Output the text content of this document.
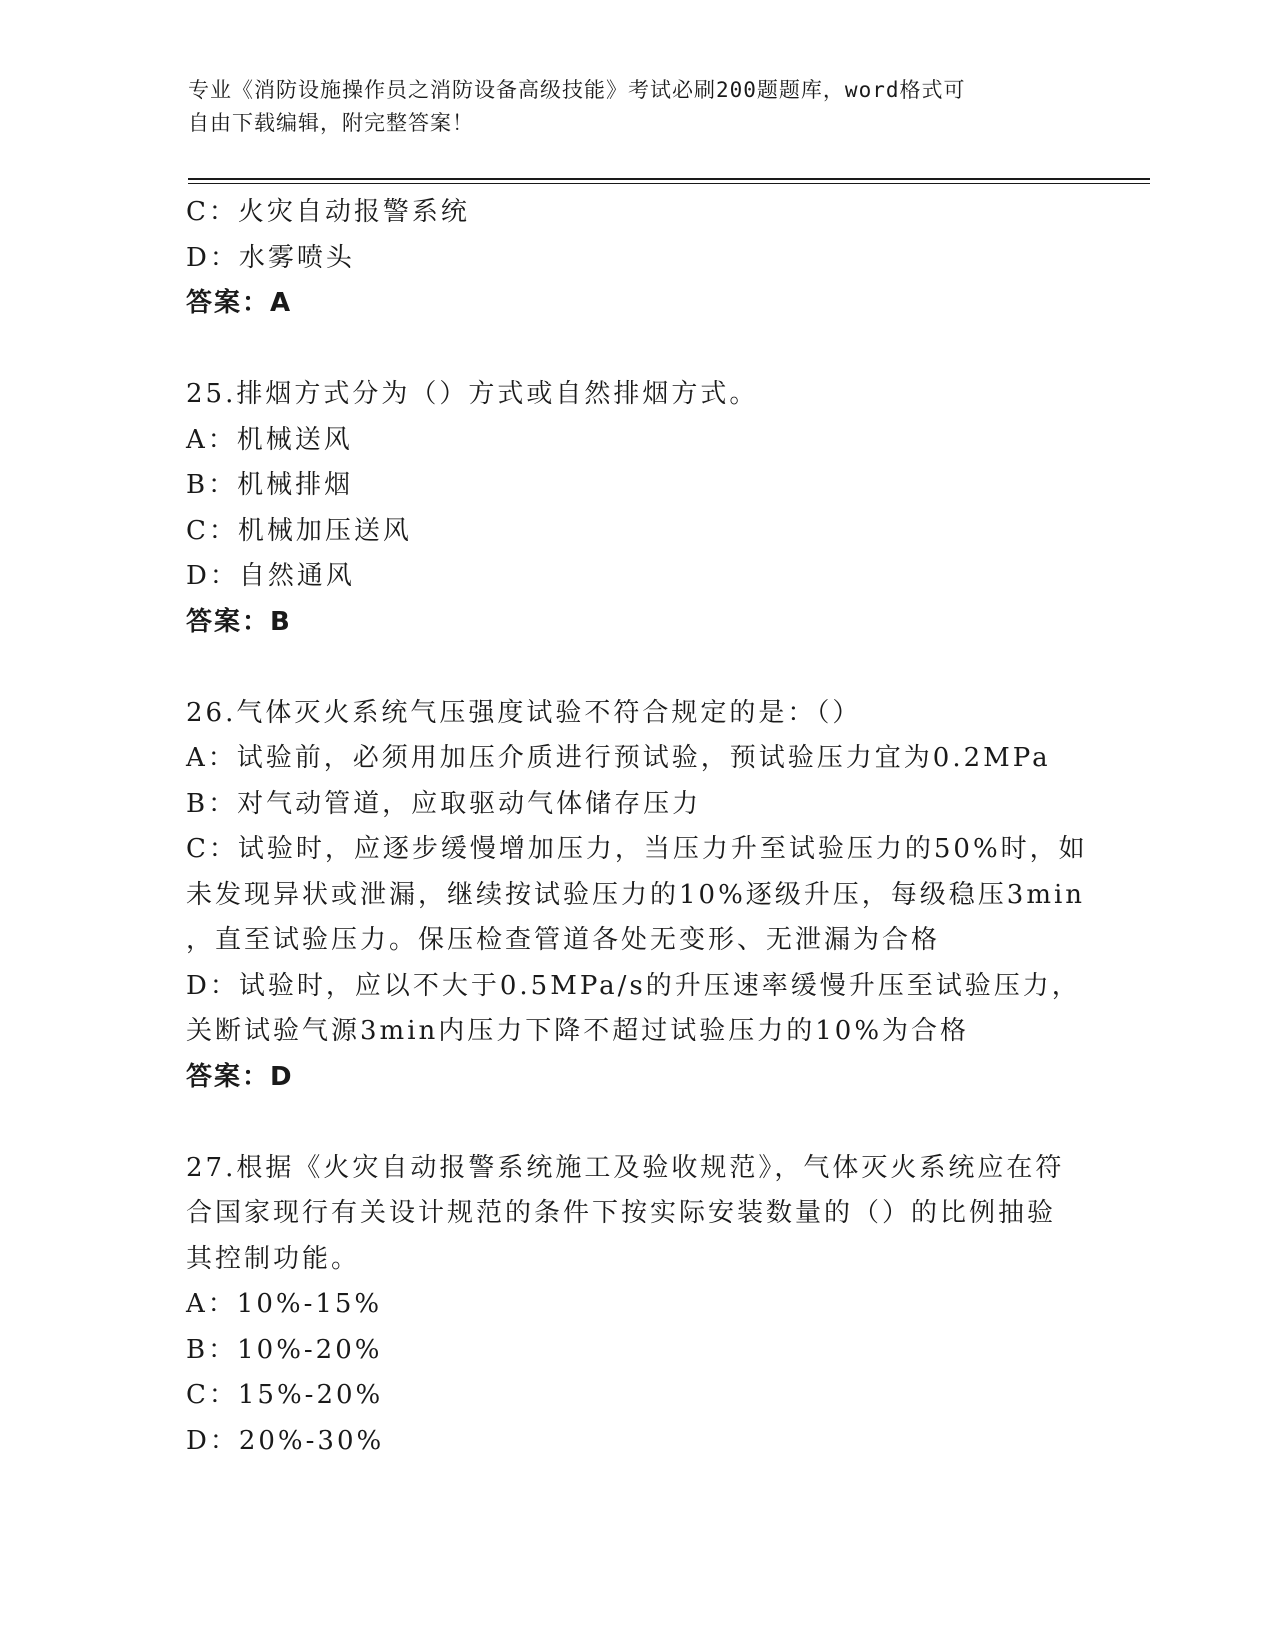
专业《消防设施操作员之消防设备高级技能》考试必刷200题题库，word格式可
自由下载编辑，附完整答案！
C：火灾自动报警系统
D：水雾喷头
答案：A
25.排烟方式分为（）方式或自然排烟方式。
A：机械送风
B：机械排烟
C：机械加压送风
D：自然通风
答案：B
26.气体灭火系统气压强度试验不符合规定的是：（）
A：试验前，必须用加压介质进行预试验，预试验压力宜为0.2MPa
B：对气动管道，应取驱动气体储存压力
C：试验时，应逐步缓慢增加压力，当压力升至试验压力的50%时，如
未发现异状或泄漏，继续按试验压力的10%逐级升压，每级稳压3min
，直至试验压力。保压检查管道各处无变形、无泄漏为合格
D：试验时，应以不大于0.5MPa/s的升压速率缓慢升压至试验压力，
关断试验气源3min内压力下降不超过试验压力的10%为合格
答案：D
27.根据《火灾自动报警系统施工及验收规范》，气体灭火系统应在符
合国家现行有关设计规范的条件下按实际安装数量的（）的比例抽验
其控制功能。
A：10%-15%
B：10%-20%
C：15%-20%
D：20%-30%
